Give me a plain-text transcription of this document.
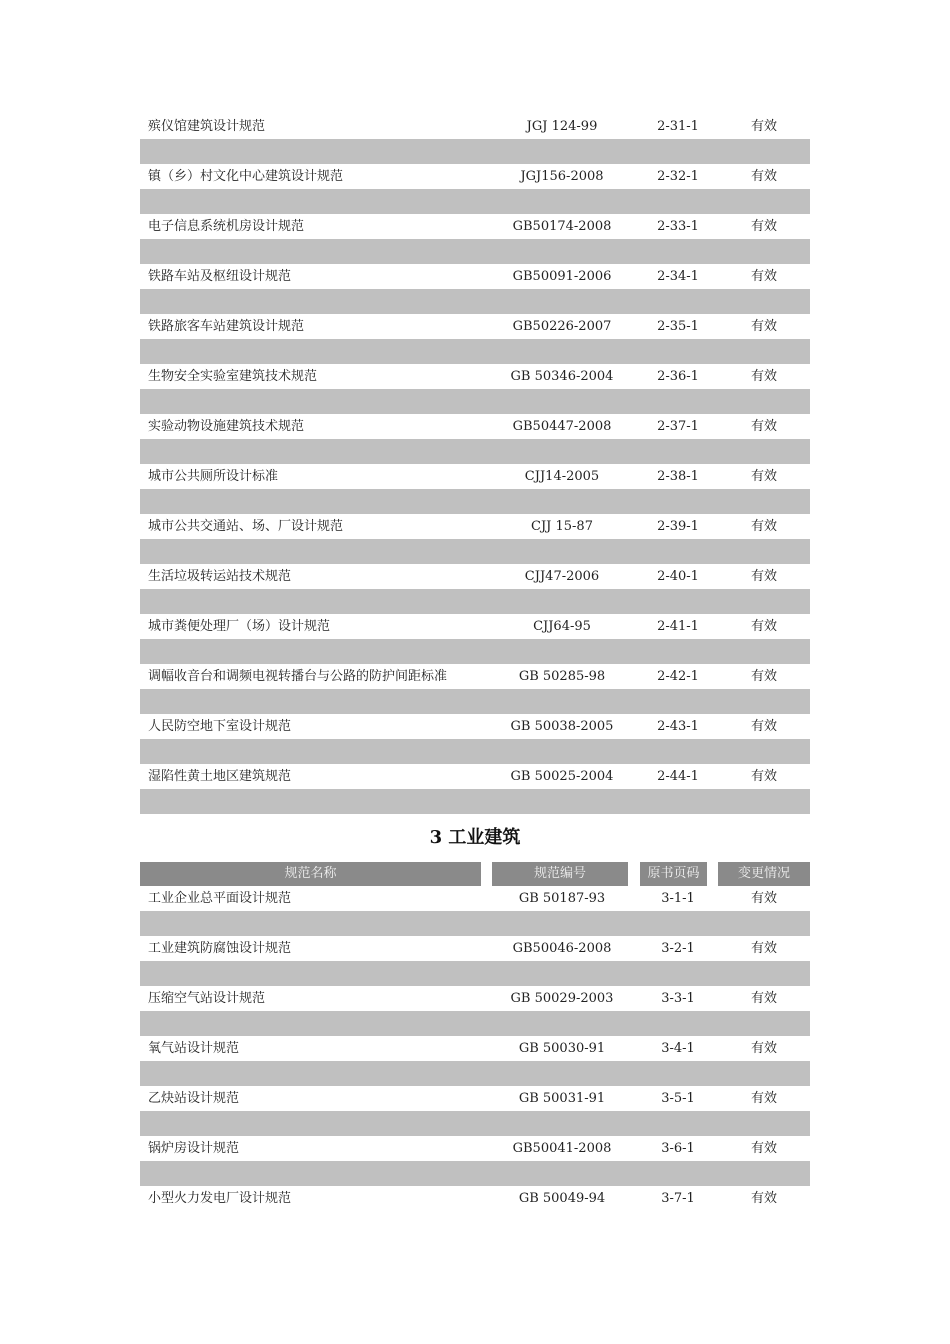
殡仪馆建筑设计规范	JGJ 124-99	2-31-1	有效
镇（乡）村文化中心建筑设计规范	JGJ156-2008	2-32-1	有效
电子信息系统机房设计规范	GB50174-2008	2-33-1	有效
铁路车站及枢纽设计规范	GB50091-2006	2-34-1	有效
铁路旅客车站建筑设计规范	GB50226-2007	2-35-1	有效
生物安全实验室建筑技术规范	GB 50346-2004	2-36-1	有效
实验动物设施建筑技术规范	GB50447-2008	2-37-1	有效
城市公共厕所设计标准	CJJ14-2005	2-38-1	有效
城市公共交通站、场、厂设计规范	CJJ 15-87	2-39-1	有效
生活垃圾转运站技术规范	CJJ47-2006	2-40-1	有效
城市粪便处理厂（场）设计规范	CJJ64-95	2-41-1	有效
调幅收音台和调频电视转播台与公路的防护间距标准	GB 50285-98	2-42-1	有效
人民防空地下室设计规范	GB 50038-2005	2-43-1	有效
湿陷性黄土地区建筑规范	GB 50025-2004	2-44-1	有效
3 工业建筑
规范名称	规范编号	原书页码	变更情况
工业企业总平面设计规范	GB 50187-93	3-1-1	有效
工业建筑防腐蚀设计规范	GB50046-2008	3-2-1	有效
压缩空气站设计规范	GB 50029-2003	3-3-1	有效
氧气站设计规范	GB 50030-91	3-4-1	有效
乙炔站设计规范	GB 50031-91	3-5-1	有效
锅炉房设计规范	GB50041-2008	3-6-1	有效
小型火力发电厂设计规范	GB 50049-94	3-7-1	有效
